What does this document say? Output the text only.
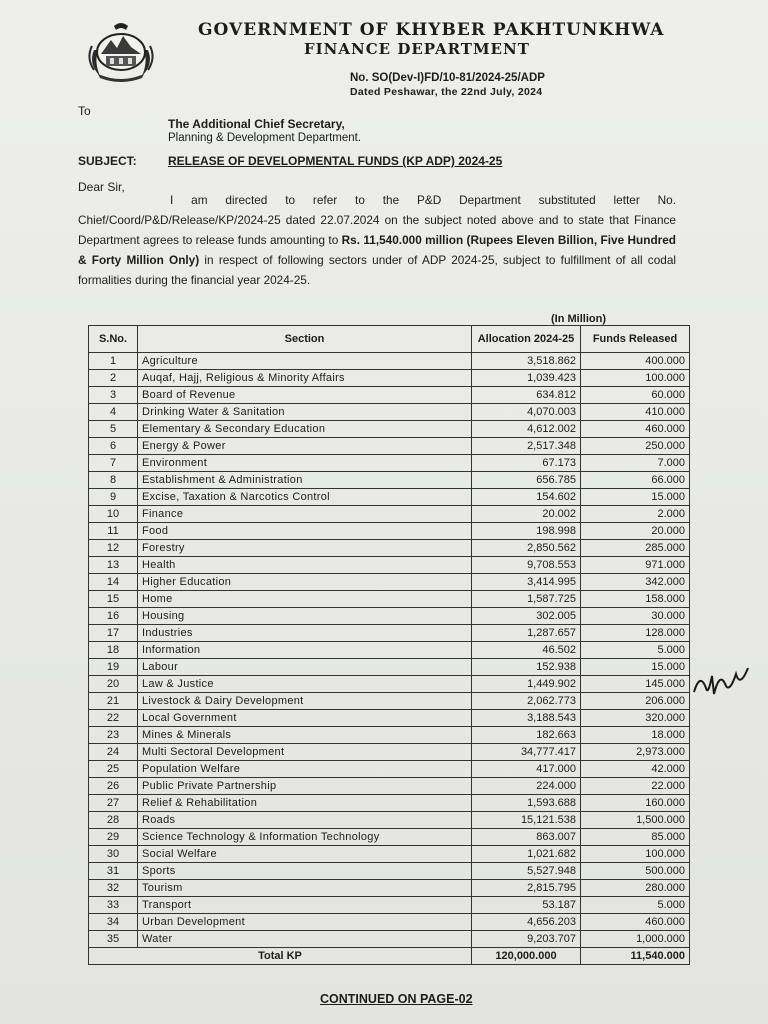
GOVERNMENT OF KHYBER PAKHTUNKHWA
FINANCE DEPARTMENT
No. SO(Dev-I)FD/10-81/2024-25/ADP
Dated Peshawar, the 22nd July, 2024
To
The Additional Chief Secretary,
Planning & Development Department.
SUBJECT:	RELEASE OF DEVELOPMENTAL FUNDS (KP ADP) 2024-25
Dear Sir,
I am directed to refer to the P&D Department substituted letter No. Chief/Coord/P&D/Release/KP/2024-25 dated 22.07.2024 on the subject noted above and to state that Finance Department agrees to release funds amounting to Rs. 11,540.000 million (Rupees Eleven Billion, Five Hundred & Forty Million Only) in respect of following sectors under of ADP 2024-25, subject to fulfillment of all codal formalities during the financial year 2024-25.
(In Million)
S.No.	Section	Allocation 2024-25	Funds Released
1	Agriculture	3,518.862	400.000
2	Auqaf, Hajj, Religious & Minority Affairs	1,039.423	100.000
3	Board of Revenue	634.812	60.000
4	Drinking Water & Sanitation	4,070.003	410.000
5	Elementary & Secondary Education	4,612.002	460.000
6	Energy & Power	2,517.348	250.000
7	Environment	67.173	7.000
8	Establishment & Administration	656.785	66.000
9	Excise, Taxation & Narcotics Control	154.602	15.000
10	Finance	20.002	2.000
11	Food	198.998	20.000
12	Forestry	2,850.562	285.000
13	Health	9,708.553	971.000
14	Higher Education	3,414.995	342.000
15	Home	1,587.725	158.000
16	Housing	302.005	30.000
17	Industries	1,287.657	128.000
18	Information	46.502	5.000
19	Labour	152.938	15.000
20	Law & Justice	1,449.902	145.000
21	Livestock & Dairy Development	2,062.773	206.000
22	Local Government	3,188.543	320.000
23	Mines & Minerals	182.663	18.000
24	Multi Sectoral Development	34,777.417	2,973.000
25	Population Welfare	417.000	42.000
26	Public Private Partnership	224.000	22.000
27	Relief & Rehabilitation	1,593.688	160.000
28	Roads	15,121.538	1,500.000
29	Science Technology & Information Technology	863.007	85.000
30	Social Welfare	1,021.682	100.000
31	Sports	5,527.948	500.000
32	Tourism	2,815.795	280.000
33	Transport	53.187	5.000
34	Urban Development	4,656.203	460.000
35	Water	9,203.707	1,000.000
Total KP		120,000.000	11,540.000
CONTINUED ON PAGE-02
